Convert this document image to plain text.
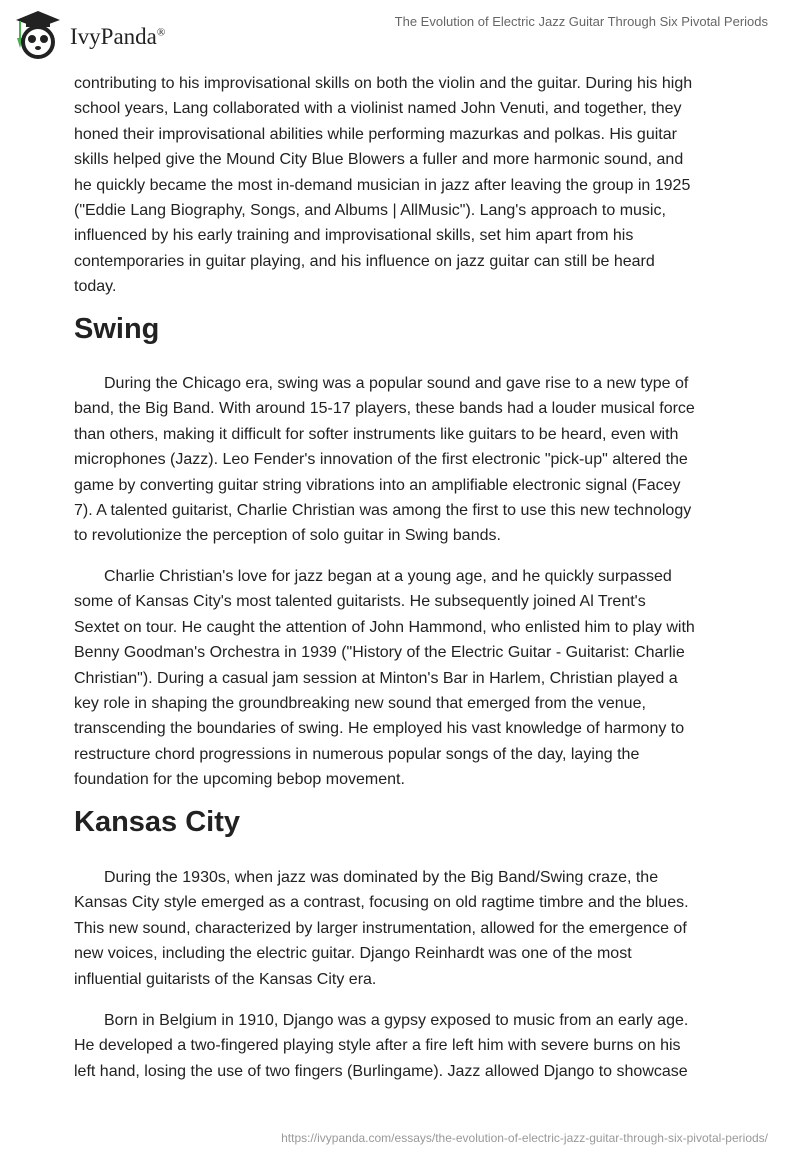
IvyPanda®
The Evolution of Electric Jazz Guitar Through Six Pivotal Periods
contributing to his improvisational skills on both the violin and the guitar. During his high
school years, Lang collaborated with a violinist named John Venuti, and together, they
honed their improvisational abilities while performing mazurkas and polkas. His guitar
skills helped give the Mound City Blue Blowers a fuller and more harmonic sound, and
he quickly became the most in-demand musician in jazz after leaving the group in 1925
("Eddie Lang Biography, Songs, and Albums | AllMusic"). Lang's approach to music,
influenced by his early training and improvisational skills, set him apart from his
contemporaries in guitar playing, and his influence on jazz guitar can still be heard
today.
Swing
During the Chicago era, swing was a popular sound and gave rise to a new type of
band, the Big Band. With around 15-17 players, these bands had a louder musical force
than others, making it difficult for softer instruments like guitars to be heard, even with
microphones (Jazz). Leo Fender's innovation of the first electronic "pick-up" altered the
game by converting guitar string vibrations into an amplifiable electronic signal (Facey
7). A talented guitarist, Charlie Christian was among the first to use this new technology
to revolutionize the perception of solo guitar in Swing bands.
Charlie Christian's love for jazz began at a young age, and he quickly surpassed
some of Kansas City's most talented guitarists. He subsequently joined Al Trent's
Sextet on tour. He caught the attention of John Hammond, who enlisted him to play with
Benny Goodman's Orchestra in 1939 ("History of the Electric Guitar - Guitarist: Charlie
Christian"). During a casual jam session at Minton's Bar in Harlem, Christian played a
key role in shaping the groundbreaking new sound that emerged from the venue,
transcending the boundaries of swing. He employed his vast knowledge of harmony to
restructure chord progressions in numerous popular songs of the day, laying the
foundation for the upcoming bebop movement.
Kansas City
During the 1930s, when jazz was dominated by the Big Band/Swing craze, the
Kansas City style emerged as a contrast, focusing on old ragtime timbre and the blues.
This new sound, characterized by larger instrumentation, allowed for the emergence of
new voices, including the electric guitar. Django Reinhardt was one of the most
influential guitarists of the Kansas City era.
Born in Belgium in 1910, Django was a gypsy exposed to music from an early age.
He developed a two-fingered playing style after a fire left him with severe burns on his
left hand, losing the use of two fingers (Burlingame). Jazz allowed Django to showcase
https://ivypanda.com/essays/the-evolution-of-electric-jazz-guitar-through-six-pivotal-periods/
